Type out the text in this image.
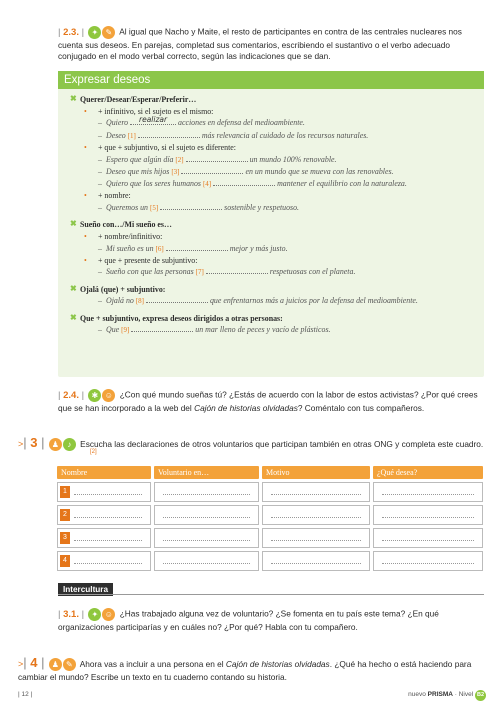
| 2.3. | ✦ ✎ Al igual que Nacho y Maite, el resto de participantes en contra de las centrales nucleares nos cuenta sus deseos. En parejas, completad sus comentarios, escribiendo el sustantivo o el verbo adecuado conjugado en el modo verbal correcto, según las indicaciones que se dan.
Expresar deseos
✖ Querer/Desear/Esperar/Preferir…
• + infinitivo, si el sujeto es el mismo:
– Quiero realizar acciones en defensa del medioambiente.
– Deseo [1]	más relevancia al cuidado de los recursos naturales.
• + que + subjuntivo, si el sujeto es diferente:
– Espero que algún día [2]	un mundo 100% renovable.
– Deseo que mis hijos [3]	en un mundo que se mueva con las renovables.
– Quiero que los seres humanos [4]	mantener el equilibrio con la naturaleza.
• + nombre:
– Queremos un [5]	sostenible y respetuoso.
✖ Sueño con…/Mi sueño es…
• + nombre/infinitivo:
– Mi sueño es un [6]	mejor y más justo.
• + que + presente de subjuntivo:
– Sueño con que las personas [7]	respetuosas con el planeta.
✖ Ojalá (que) + subjuntivo:
– Ojalá no [8]	que enfrentarnos más a juicios por la defensa del medioambiente.
✖ Que + subjuntivo, expresa deseos dirigidos a otras personas:
– Que [9]	un mar lleno de peces y vacío de plásticos.
| 2.4. | ✱ ☺ ¿Con qué mundo sueñas tú? ¿Estás de acuerdo con la labor de estos activistas? ¿Por qué crees que se han incorporado a la web del Cajón de historias olvidadas? Coméntalo con tus compañeros.
>| 3 | ♟	♪	Escucha las declaraciones de otros voluntarios que participan también en otras ONG y completa este cuadro.
[2]
Nombre	Voluntario en…	Motivo	¿Qué desea?
1
2
3
4
Intercultura
| 3.1. | ✦ ☺ ¿Has trabajado alguna vez de voluntario? ¿Se fomenta en tu país este tema? ¿En qué organizaciones participarías y en cuáles no? ¿Por qué? Habla con tu compañero.
>| 4 | ♟ ✎ Ahora vas a incluir a una persona en el Cajón de historias olvidadas. ¿Qué ha hecho o está haciendo para cambiar el mundo? Escribe un texto en tu cuaderno contando su historia.
| 12 |	nuevo PRISMA · Nivel B2
